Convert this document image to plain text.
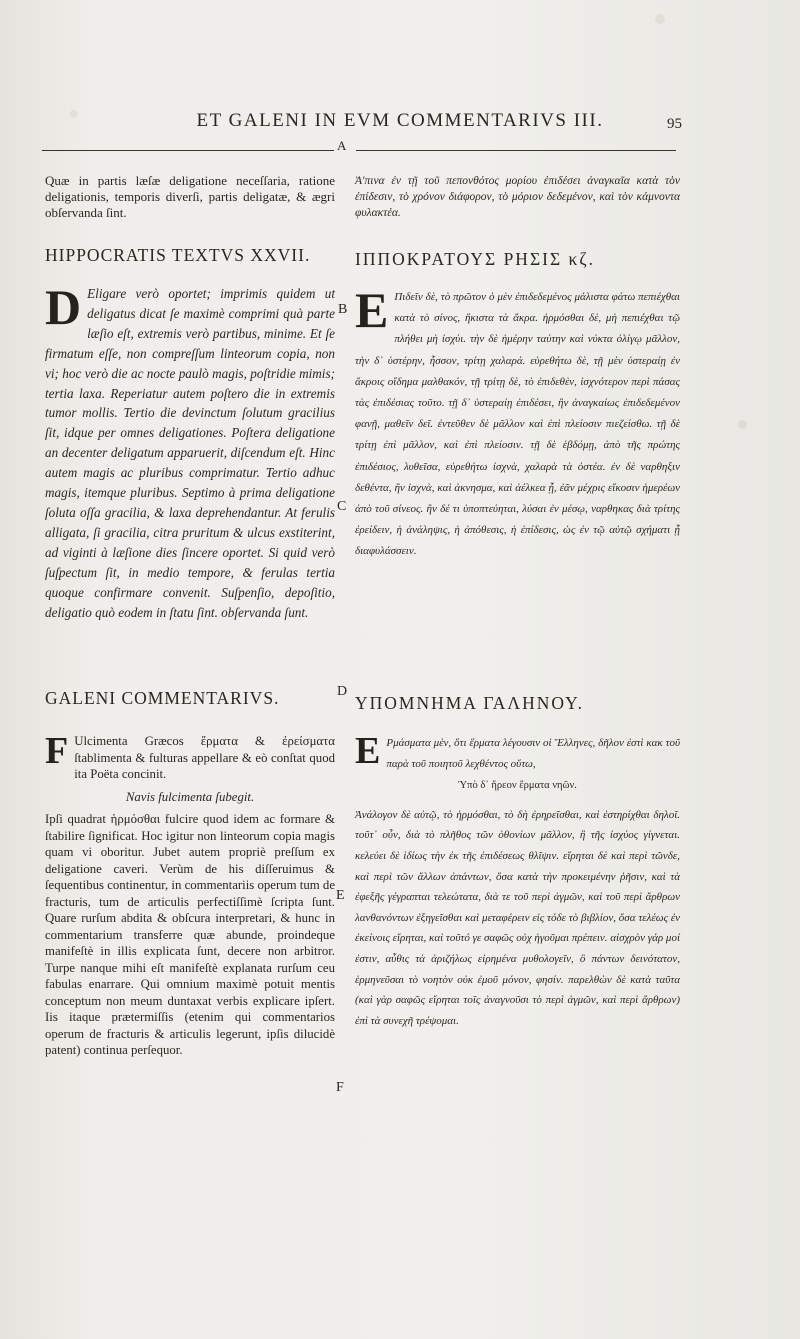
ET GALENI IN EVM COMMENTARIVS III.	95
A
B
C
D
E
F
Quæ in partis læſæ deligatione neceſſaria, ratione deligationis, temporis diverſi, partis deligatæ, & ægri obſervanda ſint.
Ἀ'πινα ἐν τῇ τοῦ πεπονθότος μορίου ἐπιδέσει ἀναγκαῖα κατὰ τὸν ἐπίδεσιν, τὸ χρόνον διάφορον, τὸ μόριον δεδεμένον, καὶ τὸν κάμνοντα φυλακτέα.
HIPPOCRATIS TEXTVS XXVII.	ΙΠΠΟΚΡΑΤΟΥΣ ΡΗΣΙΣ κζ.
D Eligare verò oportet; imprimis quidem ut deligatus dicat ſe maximè comprimi quà parte læſio eſt, extremis verò partibus, minime. Et ſe firmatum eſſe, non compreſſum linteorum copia, non vi; hoc verò die ac nocte paulò magis, poſtridie mimis; tertia laxa. Reperiatur autem poſtero die in extremis tumor mollis. Tertio die devinctum ſolutum gracilius ſit, idque per omnes deligationes. Poſtera deligatione an decenter deligatum apparuerit, diſcendum eſt. Hinc autem magis ac pluribus comprimatur. Tertio adhuc magis, itemque pluribus. Septimo à prima deligatione ſoluta oſſa gracilia, & laxa deprehendantur. At ferulis alligata, ſi gracilia, citra pruritum & ulcus exstiterint, ad viginti à læſione dies ſincere oportet. Si quid verò ſuſpectum ſit, in medio tempore, & ferulas tertia quoque confirmare convenit. Suſpenſio, depoſitio, deligatio quò eodem in ſtatu ſint. obſervanda ſunt.
E Πιδεῖν δὲ, τὸ πρῶτον ὁ μὲν ἐπιδεδεμένος μάλιστα φάτω πεπιέχθαι κατὰ τὸ σίνος, ἥκιστα τὰ ἄκρα. ἡρμόσθαι δὲ, μὴ πεπιέχθαι τῷ πλήθει μὴ ἰσχύι. τὴν δὲ ἡμέρην ταύτην καὶ νύκτα ὀλίγῳ μᾶλλον, τὴν δ᾿ ὑστέρην, ἧσσον, τρίτῃ χαλαρά. εὑρεθήτω δὲ, τῇ μὲν ὑστεραίῃ ἐν ἄκροις οἴδημα μαλθακόν, τῇ τρίτῃ δὲ, τὸ ἐπιδεθὲν, ἰσχνότερον περὶ πάσας τὰς ἐπιδέσιας τοῦτο. τῇ δ᾿ ὑστεραίῃ ἐπιδέσει, ἢν ἀναγκαίως ἐπιδεδεμένον φανῇ, μαθεῖν δεῖ. ἐντεῦθεν δὲ μᾶλλον καὶ ἐπὶ πλείοσιν πιεζείσθω. τῇ δὲ τρίτῃ ἐπὶ μᾶλλον, καὶ ἐπὶ πλείοσιν. τῇ δὲ ἑβδόμῃ, ἀπὸ τῆς πρώτης ἐπιδέσιος, λυθεῖσα, εὑρεθήτω ἰσχνὰ, χαλαρὰ τὰ ὀστέα. ἐν δὲ ναρθηξιν δεθέντα, ἢν ἰσχνὰ, καὶ ἀκνησμα, καὶ ἀέλκεα ᾖ, ἐᾶν μέχρις εἴκοσιν ἡμερέων ἀπὸ τοῦ σίνεος. ἢν δέ τι ὑποπτεύηται, λύσαι ἐν μέσῳ, ναρθηκας διὰ τρίτης ἐρείδειν, ἡ ἀνάληψις, ἡ ἀπόθεσις, ἡ ἐπίδεσις, ὡς ἐν τῷ αὐτῷ σχήματι ᾖ διαφυλάσσειν.
GALENI COMMENTARIVS.	ΥΠΟΜΝΗΜΑ ΓΑΛΗΝΟΥ.
F Ulcimenta Græcos ἕρματα & ἐρείσματα ſtablimenta & fulturas appellare & eò conſtat quod ita Poëta concinit.
Navis fulcimenta ſubegit.
Ipſi quadrat ἡρμόσθαι fulcire quod idem ac formare & ſtabilire ſignificat. Hoc igitur non linteorum copia magis quam vi oboritur. Jubet autem propriè preſſum ex deligatione caveri. Verùm de his diſſeruimus & ſequentibus continentur, in commentariis operum tum de fracturis, tum de articulis perfectiſſimè ſcripta ſunt. Quare rurſum abdita & obſcura interpretari, & hunc in commentarium transferre quæ abunde, proindeque manifeſtè in illis explicata ſunt, decere non arbitror. Turpe nanque mihi eſt manifeſtè explanata rurſum ceu fabulas enarrare. Qui omnium maximè potuit mentis conceptum non meum duntaxat verbis explicare ipſert. Iis itaque prætermiſſis (etenim qui commentarios operum de fracturis & articulis legerunt, ipſis dilucidè patent) continua perſequor.
E Ρμάσματα μὲν, ὅτι ἕρματα λέγουσιν οἱ Ἕλληνες, δῆλον ἐστὶ κακ τοῦ παρὰ τοῦ ποιητοῦ λεχθέντος οὕτω,
Ὑπὸ δ᾿ ἥρεον ἕρματα νηῶν.
Ἀνάλογον δὲ αὐτῷ, τὸ ἡρμόσθαι, τὸ δὴ ἐρηρεῖσθαι, καὶ ἐστηρίχθαι δηλοῖ. τοῦτ᾿ οὖν, διὰ τὸ πλῆθος τῶν ὀθονίων μᾶλλον, ἢ τῆς ἰσχύος γίγνεται. κελεύει δὲ ἰδίως τὴν ἐκ τῆς ἐπιδέσεως θλῖψιν. εἴρηται δὲ καὶ περὶ τῶνδε, καὶ περὶ τῶν ἄλλων ἀπάντων, ὅσα κατὰ τὴν προκειμένην ῥῆσιν, καὶ τὰ ἐφεξῆς γέγραπται τελεώτατα, διὰ τε τοῦ περὶ ἀγμῶν, καὶ τοῦ περὶ ἄρθρων λανθανόντων ἐξηγεῖσθαι καὶ μεταφέρειν εἰς τόδε τὸ βιβλίον, ὅσα τελέως ἐν ἐκείνοις εἴρηται, καὶ τοῦτό γε σαφῶς οὐχ ἡγοῦμαι πρέπειν. αἰσχρὸν γάρ μοί ἐστιν, αὖθις τὰ ἀριζήλως εἰρημένα μυθολογεῖν, ὃ πάντων δεινότατον, ἑρμηνεῦσαι τὸ νοητὸν οὐκ ἐμοῦ μόνον, φησίν. παρελθὼν δὲ κατὰ ταῦτα (καὶ γὰρ σαφῶς εἴρηται τοῖς ἀναγνοῦσι τὸ περὶ ἀγμῶν, καὶ περὶ ἄρθρων) ἐπὶ τὰ συνεχῆ τρέψομαι.
